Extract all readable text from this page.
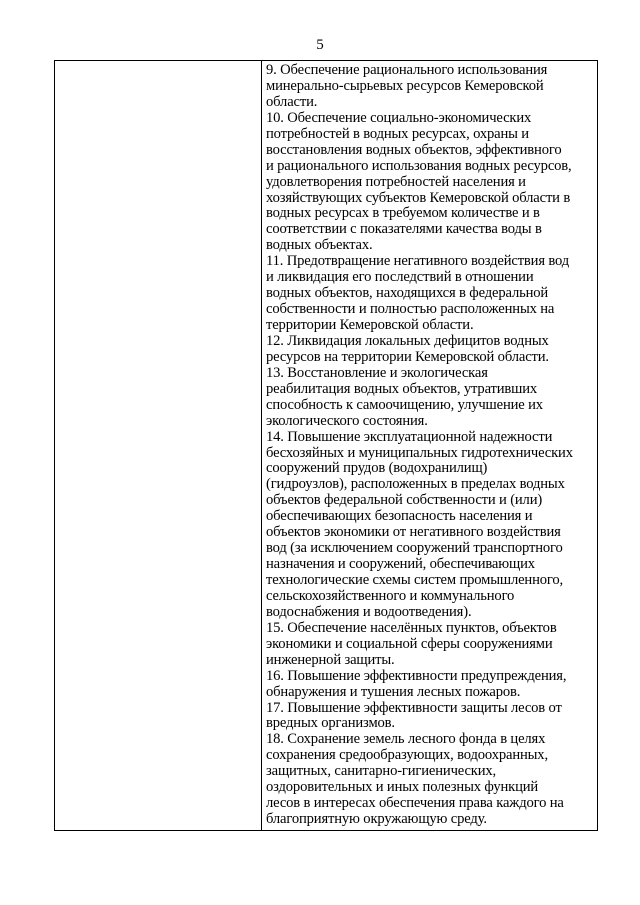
5

9. Обеспечение рационального использования
минерально-сырьевых ресурсов Кемеровской
области.
10. Обеспечение социально-экономических
потребностей в водных ресурсах, охраны и
восстановления водных объектов, эффективного
и рационального использования водных ресурсов,
удовлетворения потребностей населения и
хозяйствующих субъектов Кемеровской области в
водных ресурсах в требуемом количестве и в
соответствии с показателями качества воды в
водных объектах.
11. Предотвращение негативного воздействия вод
и ликвидация его последствий в отношении
водных объектов, находящихся в федеральной
собственности и полностью расположенных на
территории Кемеровской области.
12. Ликвидация локальных дефицитов водных
ресурсов на территории Кемеровской области.
13. Восстановление и экологическая
реабилитация водных объектов, утративших
способность к самоочищению, улучшение их
экологического состояния.
14. Повышение эксплуатационной надежности
бесхозяйных и муниципальных гидротехнических
сооружений прудов (водохранилищ)
(гидроузлов), расположенных в пределах водных
объектов федеральной собственности и (или)
обеспечивающих безопасность населения и
объектов экономики от негативного воздействия
вод (за исключением сооружений транспортного
назначения и сооружений, обеспечивающих
технологические схемы систем промышленного,
сельскохозяйственного и коммунального
водоснабжения и водоотведения).
15. Обеспечение населённых пунктов, объектов
экономики и социальной сферы сооружениями
инженерной защиты.
16. Повышение эффективности предупреждения,
обнаружения и тушения лесных пожаров.
17. Повышение эффективности защиты лесов от
вредных организмов.
18. Сохранение земель лесного фонда в целях
сохранения средообразующих, водоохранных,
защитных, санитарно-гигиенических,
оздоровительных и иных полезных функций
лесов в интересах обеспечения права каждого на
благоприятную окружающую среду.
